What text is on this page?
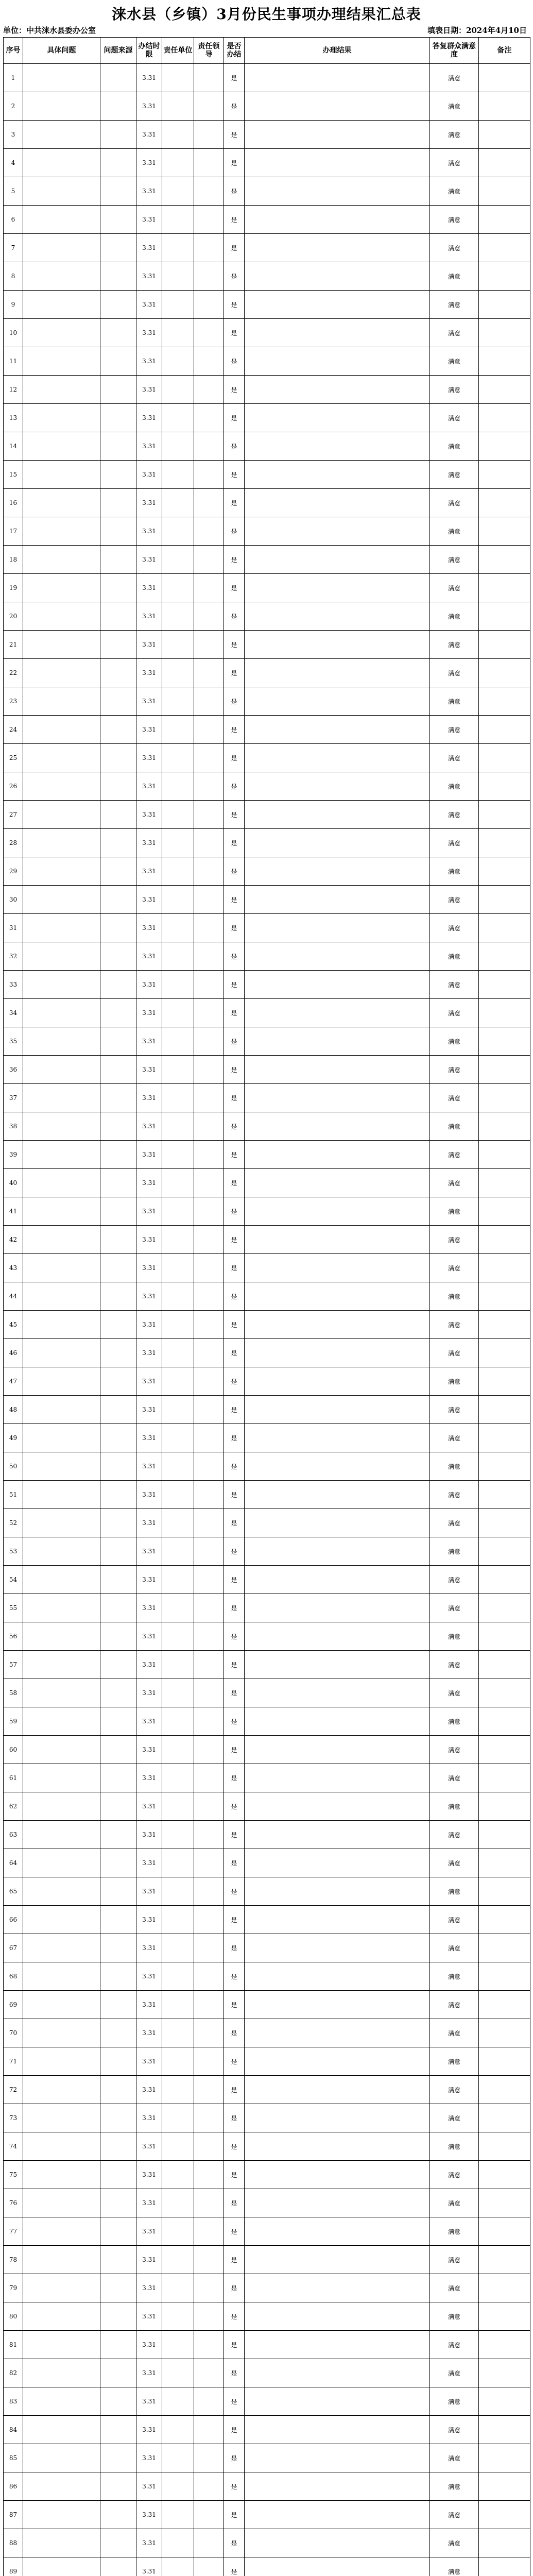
涞水县（乡镇）3月份民生事项办理结果汇总表
单位：中共涞水县委办公室	填表日期：2024年4月10日
序号	具体问题	问题来源	办结时限	责任单位	责任领导	是否办结	办理结果	答复群众满意度	备注
1			3.31			是		满意	
2			3.31			是		满意	
3			3.31			是		满意	
4			3.31			是		满意	
5			3.31			是		满意	
6			3.31			是		满意	
7			3.31			是		满意	
8			3.31			是		满意	
9			3.31			是		满意	
10			3.31			是		满意	
11			3.31			是		满意	
12			3.31			是		满意	
13			3.31			是		满意	
14			3.31			是		满意	
15			3.31			是		满意	
16			3.31			是		满意	
17			3.31			是		满意	
18			3.31			是		满意	
19			3.31			是		满意	
20			3.31			是		满意	
21			3.31			是		满意	
22			3.31			是		满意	
23			3.31			是		满意	
24			3.31			是		满意	
25			3.31			是		满意	
26			3.31			是		满意	
27			3.31			是		满意	
28			3.31			是		满意	
29			3.31			是		满意	
30			3.31			是		满意	
31			3.31			是		满意	
32			3.31			是		满意	
33			3.31			是		满意	
34			3.31			是		满意	
35			3.31			是		满意	
36			3.31			是		满意	
37			3.31			是		满意	
38			3.31			是		满意	
39			3.31			是		满意	
40			3.31			是		满意	
41			3.31			是		满意	
42			3.31			是		满意	
43			3.31			是		满意	
44			3.31			是		满意	
45			3.31			是		满意	
46			3.31			是		满意	
47			3.31			是		满意	
48			3.31			是		满意	
49			3.31			是		满意	
50			3.31			是		满意	
51			3.31			是		满意	
52			3.31			是		满意	
53			3.31			是		满意	
54			3.31			是		满意	
55			3.31			是		满意	
56			3.31			是		满意	
57			3.31			是		满意	
58			3.31			是		满意	
59			3.31			是		满意	
60			3.31			是		满意	
61			3.31			是		满意	
62			3.31			是		满意	
63			3.31			是		满意	
64			3.31			是		满意	
65			3.31			是		满意	
66			3.31			是		满意	
67			3.31			是		满意	
68			3.31			是		满意	
69			3.31			是		满意	
70			3.31			是		满意	
71			3.31			是		满意	
72			3.31			是		满意	
73			3.31			是		满意	
74			3.31			是		满意	
75			3.31			是		满意	
76			3.31			是		满意	
77			3.31			是		满意	
78			3.31			是		满意	
79			3.31			是		满意	
80			3.31			是		满意	
81			3.31			是		满意	
82			3.31			是		满意	
83			3.31			是		满意	
84			3.31			是		满意	
85			3.31			是		满意	
86			3.31			是		满意	
87			3.31			是		满意	
88			3.31			是		满意	
89			3.31			是		满意	
